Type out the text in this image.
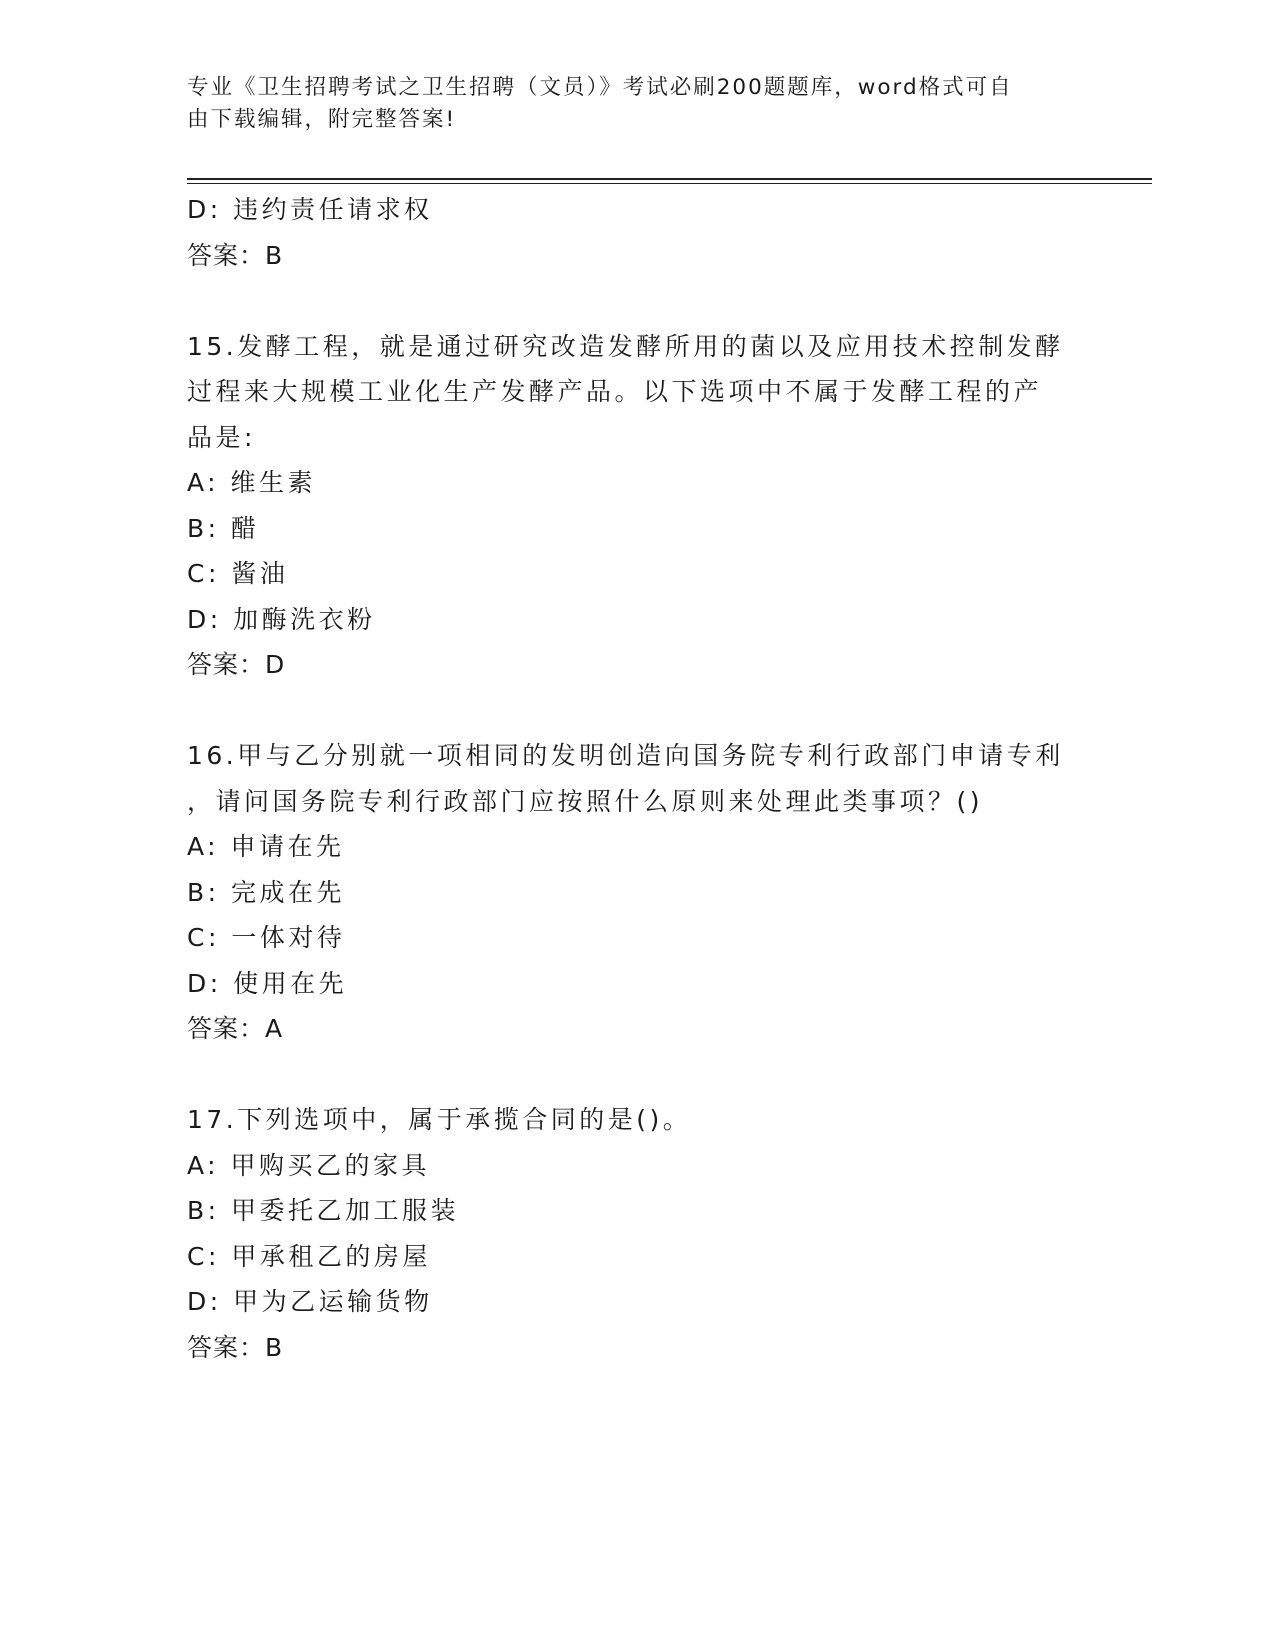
专业《卫生招聘考试之卫生招聘（文员）》考试必刷200题题库，word格式可自
由下载编辑，附完整答案!
D: 违约责任请求权
答案：B
15.发酵工程，就是通过研究改造发酵所用的菌以及应用技术控制发酵
过程来大规模工业化生产发酵产品。以下选项中不属于发酵工程的产
品是:
A: 维生素
B: 醋
C: 酱油
D: 加酶洗衣粉
答案：D
16.甲与乙分别就一项相同的发明创造向国务院专利行政部门申请专利
，请问国务院专利行政部门应按照什么原则来处理此类事项？()
A: 申请在先
B: 完成在先
C: 一体对待
D: 使用在先
答案：A
17.下列选项中，属于承揽合同的是()。
A: 甲购买乙的家具
B: 甲委托乙加工服装
C: 甲承租乙的房屋
D: 甲为乙运输货物
答案：B
